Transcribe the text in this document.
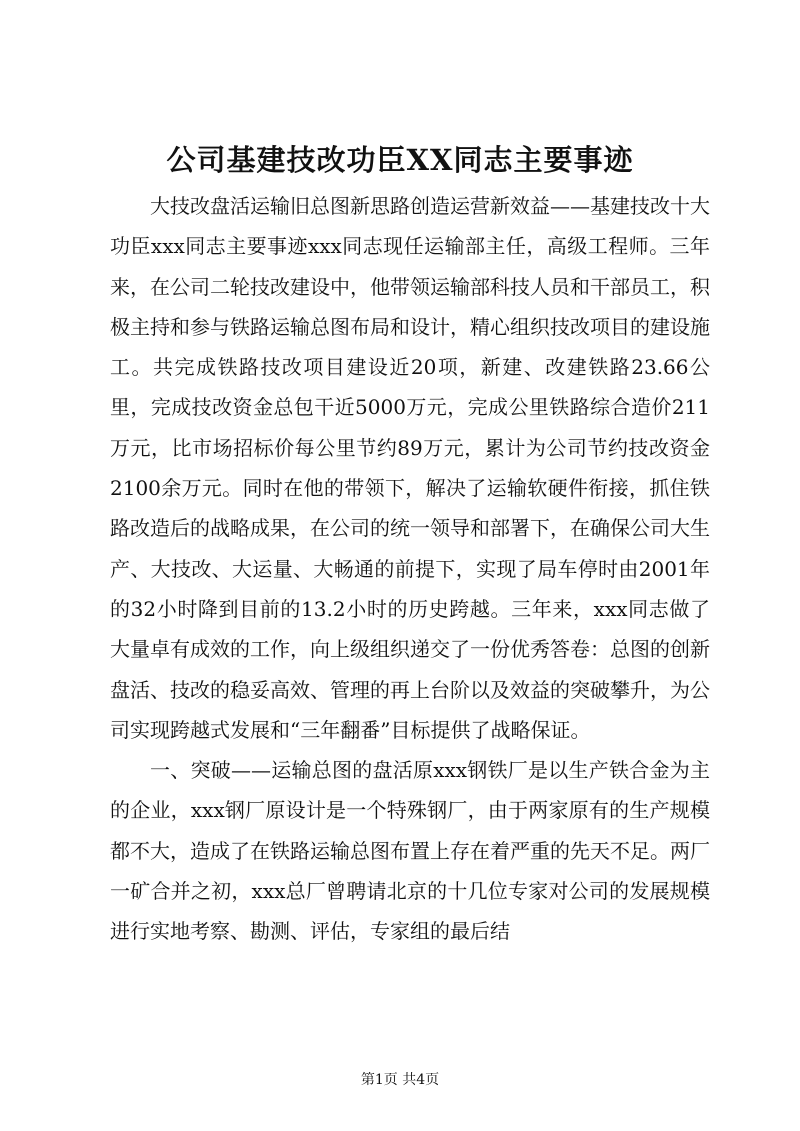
公司基建技改功臣XX同志主要事迹

大技改盘活运输旧总图新思路创造运营新效益——基建技改十大功臣xxx同志主要事迹xxx同志现任运输部主任，高级工程师。三年来，在公司二轮技改建设中，他带领运输部科技人员和干部员工，积极主持和参与铁路运输总图布局和设计，精心组织技改项目的建设施工。共完成铁路技改项目建设近20项，新建、改建铁路23.66公里，完成技改资金总包干近5000万元，完成公里铁路综合造价211万元，比市场招标价每公里节约89万元，累计为公司节约技改资金2100余万元。同时在他的带领下，解决了运输软硬件衔接，抓住铁路改造后的战略成果，在公司的统一领导和部署下，在确保公司大生产、大技改、大运量、大畅通的前提下，实现了局车停时由2001年的32小时降到目前的13.2小时的历史跨越。三年来，xxx同志做了大量卓有成效的工作，向上级组织递交了一份优秀答卷：总图的创新盘活、技改的稳妥高效、管理的再上台阶以及效益的突破攀升，为公司实现跨越式发展和“三年翻番”目标提供了战略保证。

一、突破——运输总图的盘活原xxx钢铁厂是以生产铁合金为主的企业，xxx钢厂原设计是一个特殊钢厂，由于两家原有的生产规模都不大，造成了在铁路运输总图布置上存在着严重的先天不足。两厂一矿合并之初，xxx总厂曾聘请北京的十几位专家对公司的发展规模进行实地考察、勘测、评估，专家组的最后结

第1页 共4页
